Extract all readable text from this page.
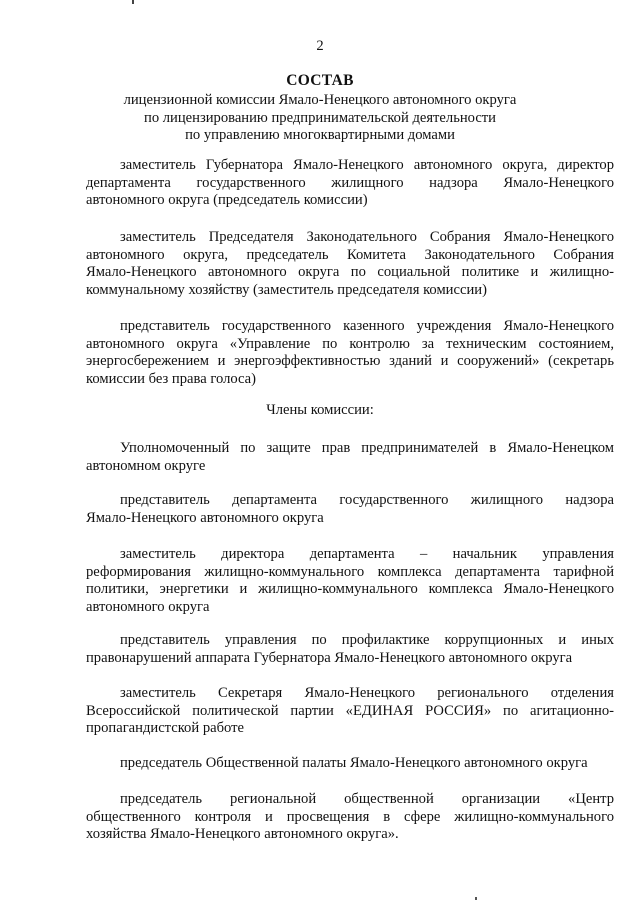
2
СОСТАВ
лицензионной комиссии Ямало-Ненецкого автономного округа
по лицензированию предпринимательской деятельности
по управлению многоквартирными домами
заместитель Губернатора Ямало-Ненецкого автономного округа, директор
департамента государственного жилищного надзора Ямало-Ненецкого
автономного округа (председатель комиссии)
заместитель Председателя Законодательного Собрания Ямало-Ненецкого
автономного округа, председатель Комитета Законодательного Собрания
Ямало-Ненецкого автономного округа по социальной политике и жилищно-
коммунальному хозяйству (заместитель председателя комиссии)
представитель государственного казенного учреждения Ямало-Ненецкого
автономного округа «Управление по контролю за техническим состоянием,
энергосбережением и энергоэффективностью зданий и сооружений» (секретарь
комиссии без права голоса)
Члены комиссии:
Уполномоченный по защите прав предпринимателей в Ямало-Ненецком
автономном округе
представитель департамента государственного жилищного надзора
Ямало-Ненецкого автономного округа
заместитель директора департамента – начальник управления
реформирования жилищно-коммунального комплекса департамента тарифной
политики, энергетики и жилищно-коммунального комплекса Ямало-Ненецкого
автономного округа
представитель управления по профилактике коррупционных и иных
правонарушений аппарата Губернатора Ямало-Ненецкого автономного округа
заместитель Секретаря Ямало-Ненецкого регионального отделения
Всероссийской политической партии «ЕДИНАЯ РОССИЯ» по агитационно-
пропагандистской работе
председатель Общественной палаты Ямало-Ненецкого автономного округа
председатель региональной общественной организации «Центр
общественного контроля и просвещения в сфере жилищно-коммунального
хозяйства Ямало-Ненецкого автономного округа».
